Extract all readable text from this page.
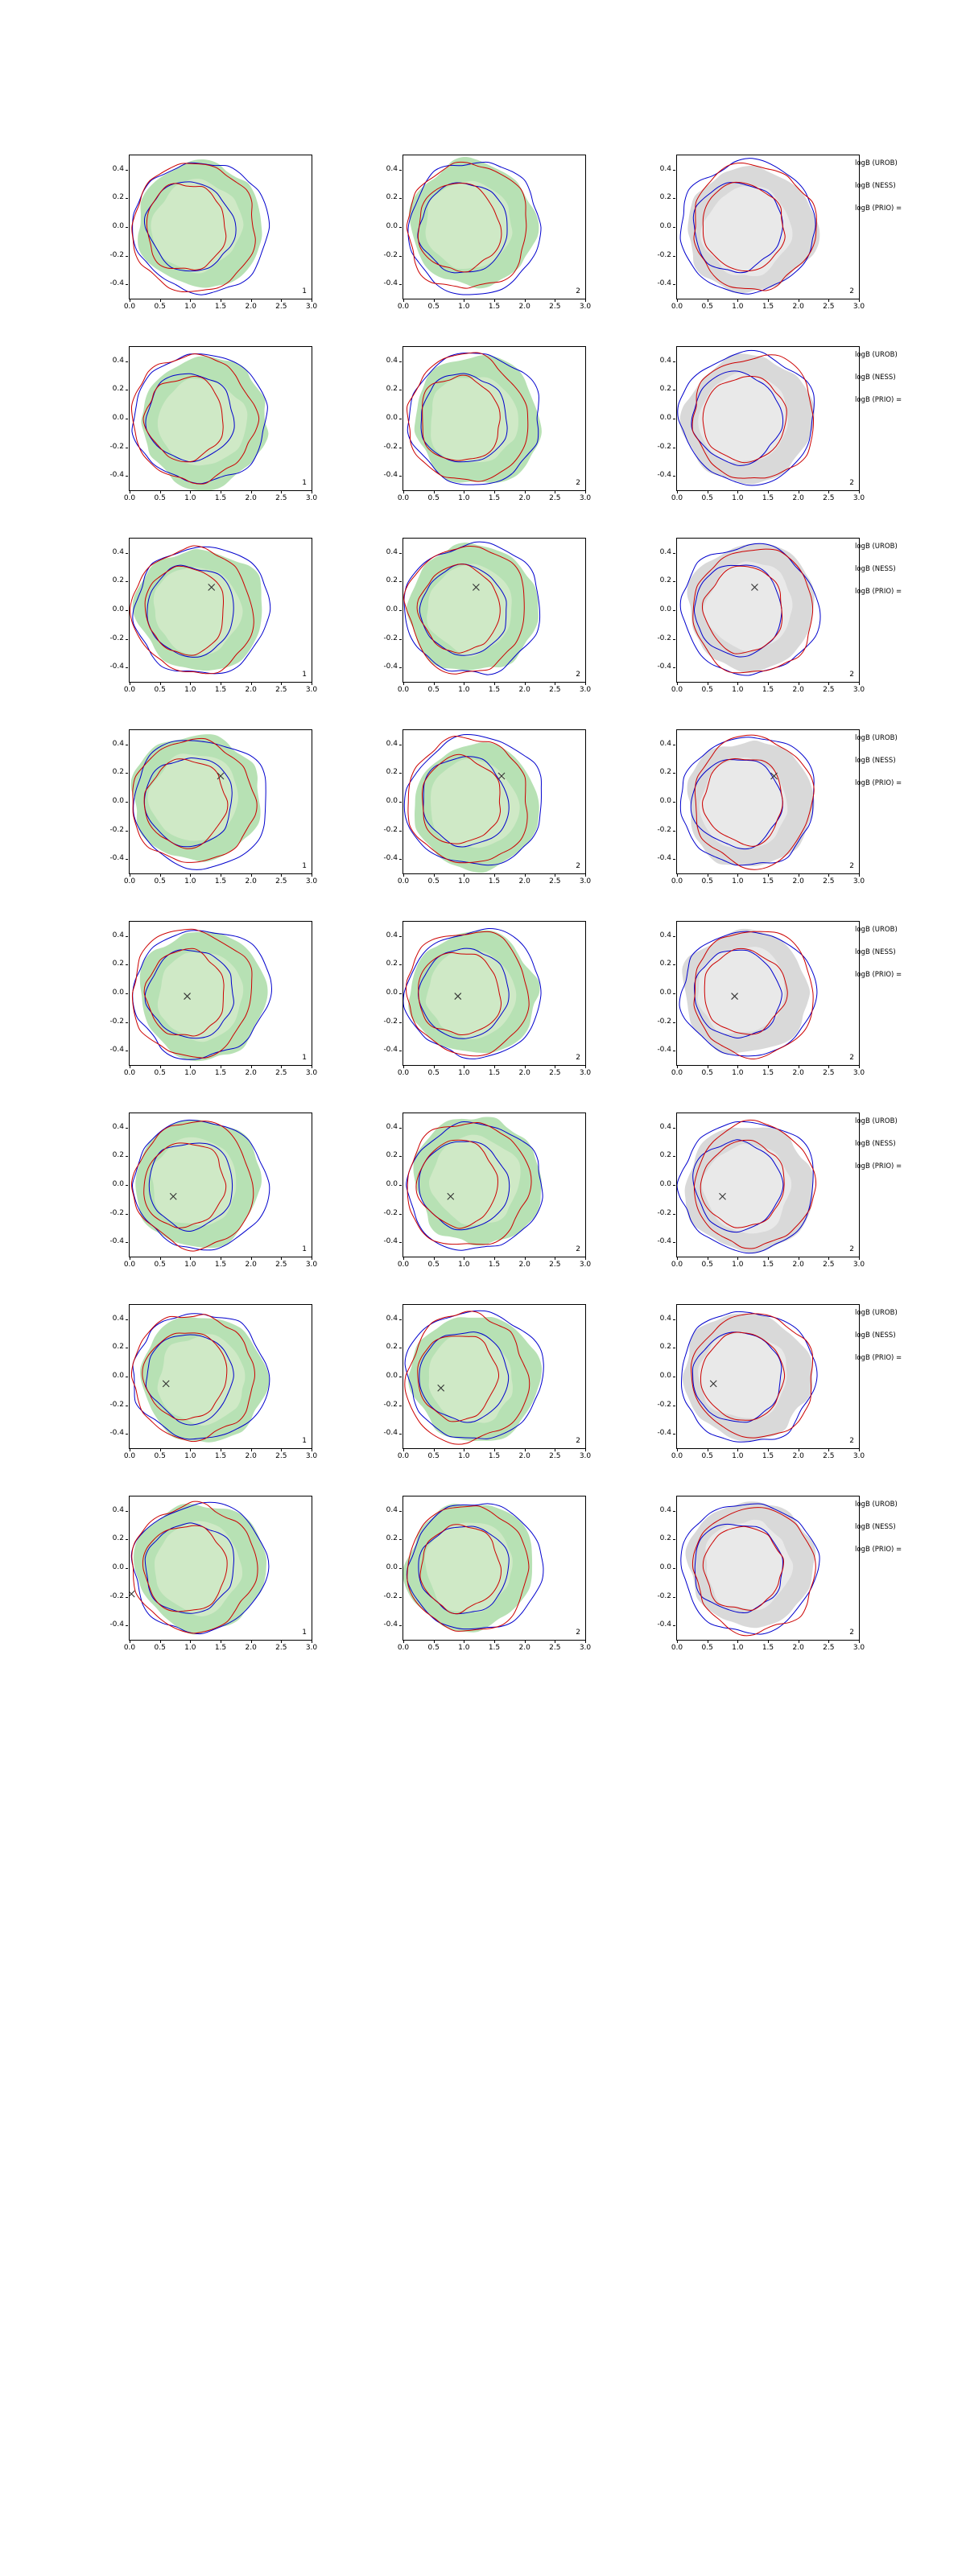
1
0.0	0.5	1.0	1.5	2.0	2.5	3.0
-0.4
-0.2
0.0
0.2
0.4
2
0.0	0.5	1.0	1.5	2.0	2.5	3.0
-0.4
-0.2
0.0
0.2
0.4
2
0.0	0.5	1.0	1.5	2.0	2.5	3.0
-0.4
-0.2
0.0
0.2
0.4
logB (UROB)
logB (NESS)
logB (PRIO) =
1
0.0	0.5	1.0	1.5	2.0	2.5	3.0
-0.4
-0.2
0.0
0.2
0.4
2
0.0	0.5	1.0	1.5	2.0	2.5	3.0
-0.4
-0.2
0.0
0.2
0.4
2
0.0	0.5	1.0	1.5	2.0	2.5	3.0
-0.4
-0.2
0.0
0.2
0.4
logB (UROB)
logB (NESS)
logB (PRIO) =
1
0.0	0.5	1.0	1.5	2.0	2.5	3.0
-0.4
-0.2
0.0
0.2
0.4
2
0.0	0.5	1.0	1.5	2.0	2.5	3.0
-0.4
-0.2
0.0
0.2
0.4
2
0.0	0.5	1.0	1.5	2.0	2.5	3.0
-0.4
-0.2
0.0
0.2
0.4
logB (UROB)
logB (NESS)
logB (PRIO) =
1
0.0	0.5	1.0	1.5	2.0	2.5	3.0
-0.4
-0.2
0.0
0.2
0.4
2
0.0	0.5	1.0	1.5	2.0	2.5	3.0
-0.4
-0.2
0.0
0.2
0.4
2
0.0	0.5	1.0	1.5	2.0	2.5	3.0
-0.4
-0.2
0.0
0.2
0.4
logB (UROB)
logB (NESS)
logB (PRIO) =
1
0.0	0.5	1.0	1.5	2.0	2.5	3.0
-0.4
-0.2
0.0
0.2
0.4
2
0.0	0.5	1.0	1.5	2.0	2.5	3.0
-0.4
-0.2
0.0
0.2
0.4
2
0.0	0.5	1.0	1.5	2.0	2.5	3.0
-0.4
-0.2
0.0
0.2
0.4
logB (UROB)
logB (NESS)
logB (PRIO) =
1
0.0	0.5	1.0	1.5	2.0	2.5	3.0
-0.4
-0.2
0.0
0.2
0.4
2
0.0	0.5	1.0	1.5	2.0	2.5	3.0
-0.4
-0.2
0.0
0.2
0.4
2
0.0	0.5	1.0	1.5	2.0	2.5	3.0
-0.4
-0.2
0.0
0.2
0.4
logB (UROB)
logB (NESS)
logB (PRIO) =
1
0.0	0.5	1.0	1.5	2.0	2.5	3.0
-0.4
-0.2
0.0
0.2
0.4
2
0.0	0.5	1.0	1.5	2.0	2.5	3.0
-0.4
-0.2
0.0
0.2
0.4
2
0.0	0.5	1.0	1.5	2.0	2.5	3.0
-0.4
-0.2
0.0
0.2
0.4
logB (UROB)
logB (NESS)
logB (PRIO) =
1
0.0	0.5	1.0	1.5	2.0	2.5	3.0
-0.4
-0.2
0.0
0.2
0.4
2
0.0	0.5	1.0	1.5	2.0	2.5	3.0
-0.4
-0.2
0.0
0.2
0.4
2
0.0	0.5	1.0	1.5	2.0	2.5	3.0
-0.4
-0.2
0.0
0.2
0.4
logB (UROB)
logB (NESS)
logB (PRIO) =
